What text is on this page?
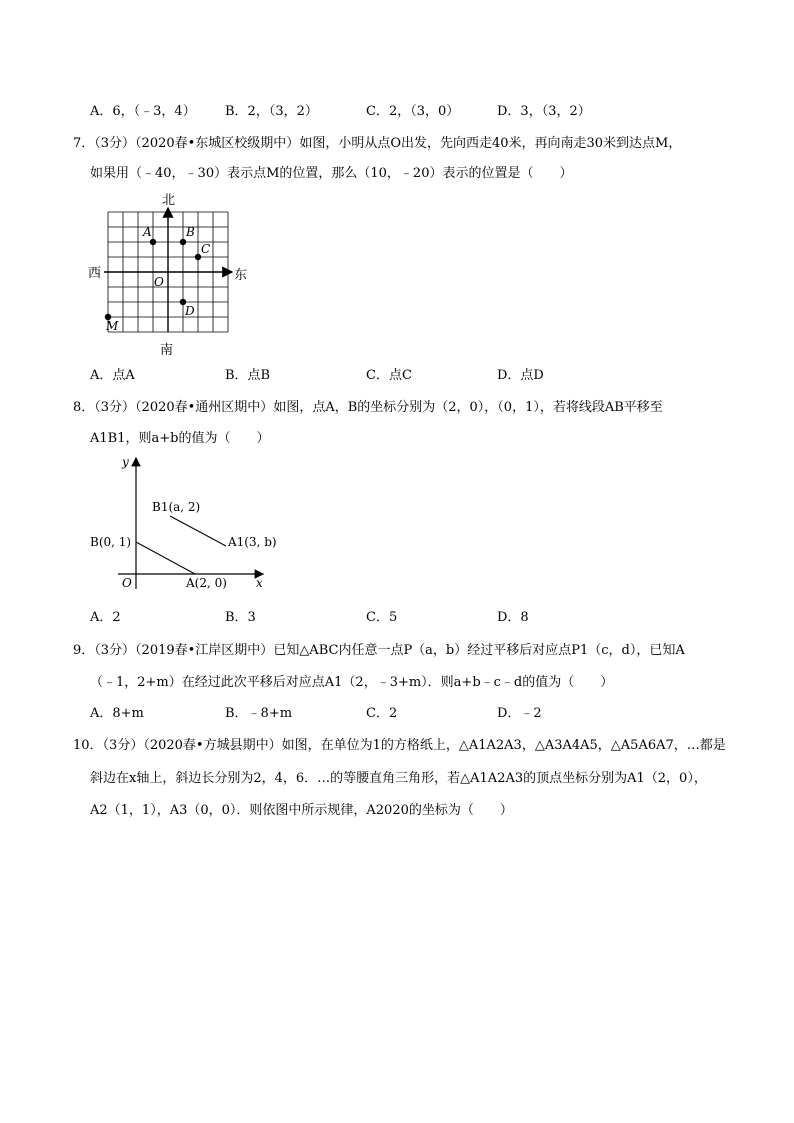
A．6，（﹣3，4） B．2，（3，2）	C．2，（3，0）	D．3，（3，2）
7．（3分）（2020春•东城区校级期中）如图，小明从点O出发，先向西走40米，再向南走30米到达点M，
如果用（﹣40，﹣30）表示点M的位置，那么（10，﹣20）表示的位置是（　　）
北
南
西	东
O
A	B
C
D
M
A．点A	B．点B	C．点C	D．点D
8．（3分）（2020春•通州区期中）如图，点A，B的坐标分别为（2，0），（0，1），若将线段AB平移至
A1B1，则a+b的值为（　　）
y
x
O
B(0, 1)
A(2, 0)
B1(a, 2)
A1(3, b)
A．2	B．3	C．5	D．8
9．（3分）（2019春•江岸区期中）已知△ABC内任意一点P（a，b）经过平移后对应点P1（c，d），已知A
（﹣1，2+m）在经过此次平移后对应点A1（2，﹣3+m）．则a+b﹣c﹣d的值为（　　）
A．8+m	B．﹣8+m	C．2	D．﹣2
10．（3分）（2020春•方城县期中）如图，在单位为1的方格纸上，△A1A2A3，△A3A4A5，△A5A6A7，…都是
斜边在x轴上，斜边长分别为2，4，6．…的等腰直角三角形，若△A1A2A3的顶点坐标分别为A1（2，0），
A2（1，1），A3（0，0）．则依图中所示规律，A2020的坐标为（　　）
